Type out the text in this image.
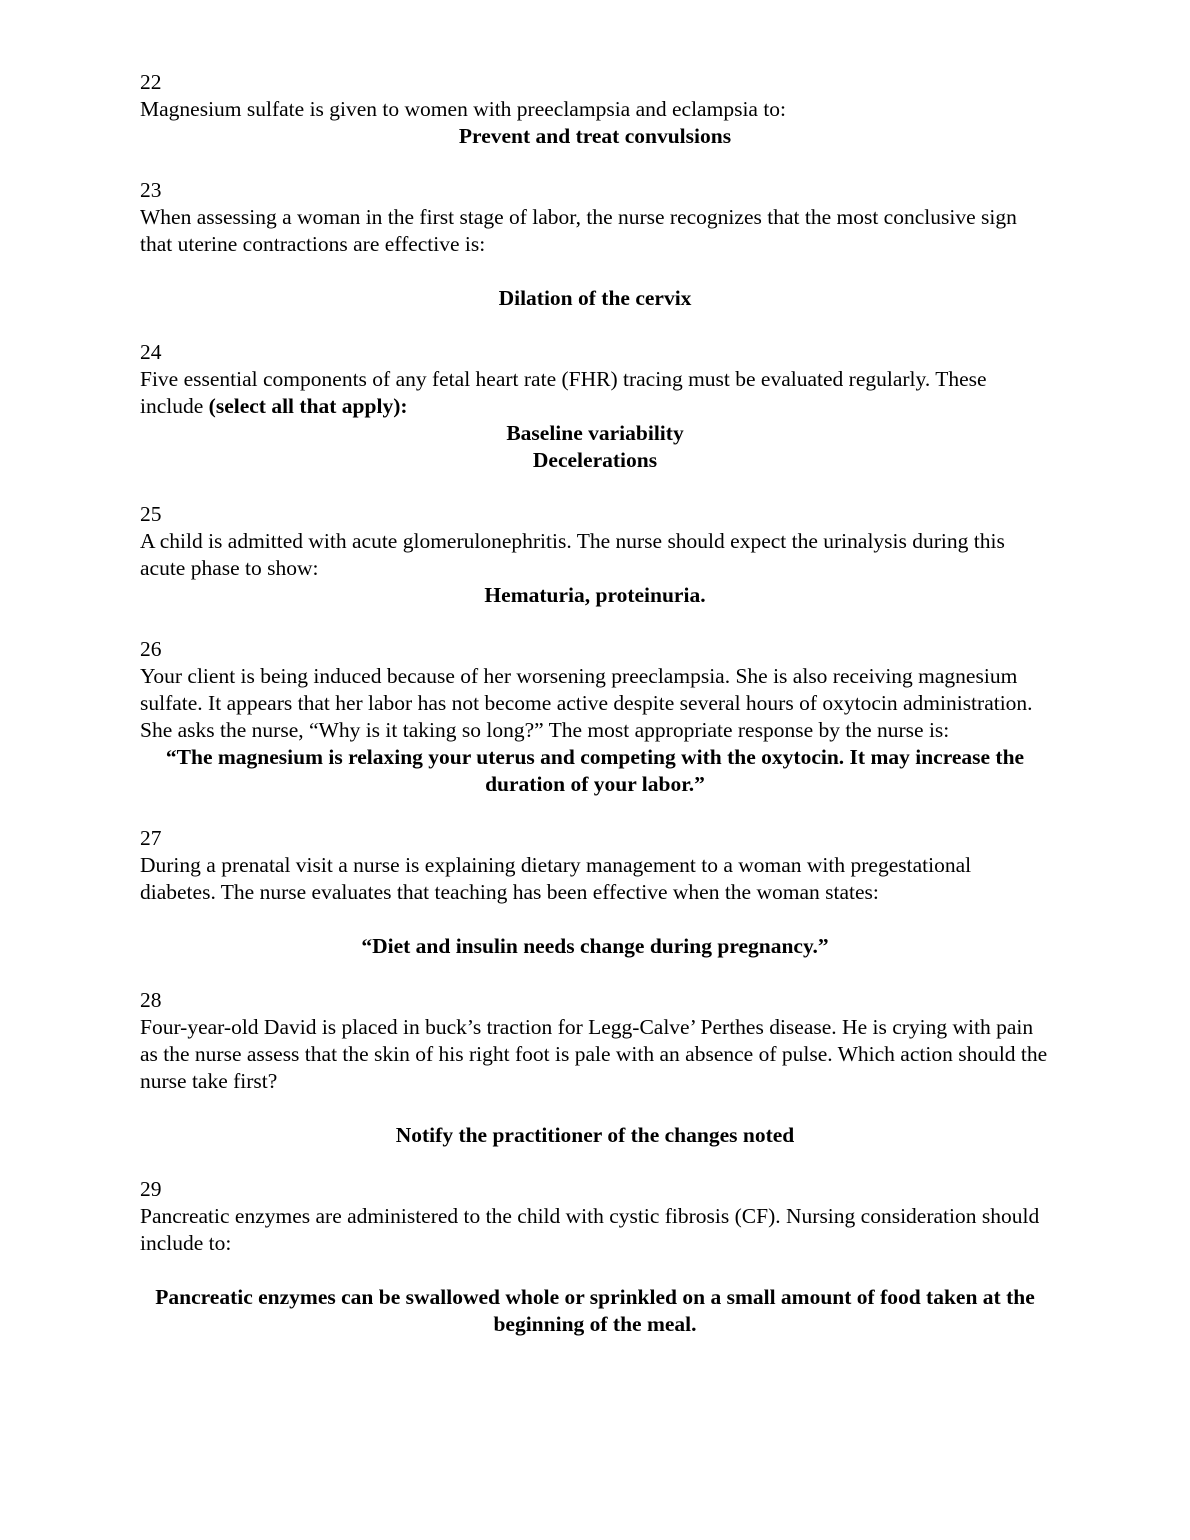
22
Magnesium sulfate is given to women with preeclampsia and eclampsia to:
Prevent and treat convulsions
23
When assessing a woman in the first stage of labor, the nurse recognizes that the most conclusive sign that uterine contractions are effective is:
Dilation of the cervix
24
Five essential components of any fetal heart rate (FHR) tracing must be evaluated regularly. These include (select all that apply):
Baseline variability
Decelerations
25
A child is admitted with acute glomerulonephritis. The nurse should expect the urinalysis during this acute phase to show:
Hematuria, proteinuria.
26
Your client is being induced because of her worsening preeclampsia. She is also receiving magnesium sulfate. It appears that her labor has not become active despite several hours of oxytocin administration. She asks the nurse, “Why is it taking so long?” The most appropriate response by the nurse is:
“The magnesium is relaxing your uterus and competing with the oxytocin. It may increase the duration of your labor.”
27
During a prenatal visit a nurse is explaining dietary management to a woman with pregestational diabetes. The nurse evaluates that teaching has been effective when the woman states:
“Diet and insulin needs change during pregnancy.”
28
Four-year-old David is placed in buck’s traction for Legg-Calve’ Perthes disease. He is crying with pain as the nurse assess that the skin of his right foot is pale with an absence of pulse. Which action should the nurse take first?
Notify the practitioner of the changes noted
29
Pancreatic enzymes are administered to the child with cystic fibrosis (CF). Nursing consideration should include to:
Pancreatic enzymes can be swallowed whole or sprinkled on a small amount of food taken at the beginning of the meal.
